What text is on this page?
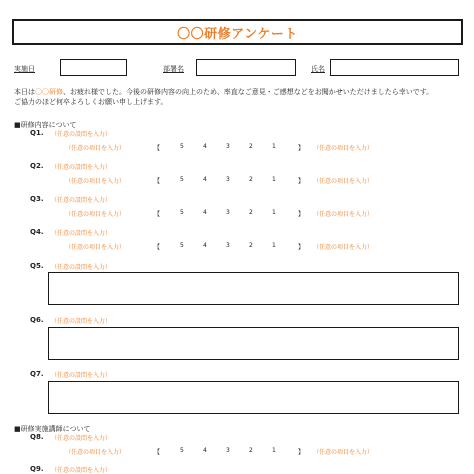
〇〇研修アンケート
実施日	部署名	氏名
本日は〇〇研修、お疲れ様でした。今後の研修内容の向上のため、率直なご意見・ご感想などをお聞かせいただけましたら幸いです。
ご協力のほど何卒よろしくお願い申し上げます。
■研修内容について
Q1. （任意の設問を入力）
（任意の項目を入力）	【	5	4	3	2	1	】 （任意の項目を入力）
Q2. （任意の設問を入力）
（任意の項目を入力）	【	5	4	3	2	1	】 （任意の項目を入力）
Q3. （任意の設問を入力）
（任意の項目を入力）	【	5	4	3	2	1	】 （任意の項目を入力）
Q4. （任意の設問を入力）
（任意の項目を入力）	【	5	4	3	2	1	】 （任意の項目を入力）
Q5. （任意の設問を入力）
Q6. （任意の設問を入力）
Q7. （任意の設問を入力）
■研修実施講師について
Q8. （任意の設問を入力）
（任意の項目を入力）	【	5	4	3	2	1	】 （任意の項目を入力）
Q9. （任意の設問を入力）
